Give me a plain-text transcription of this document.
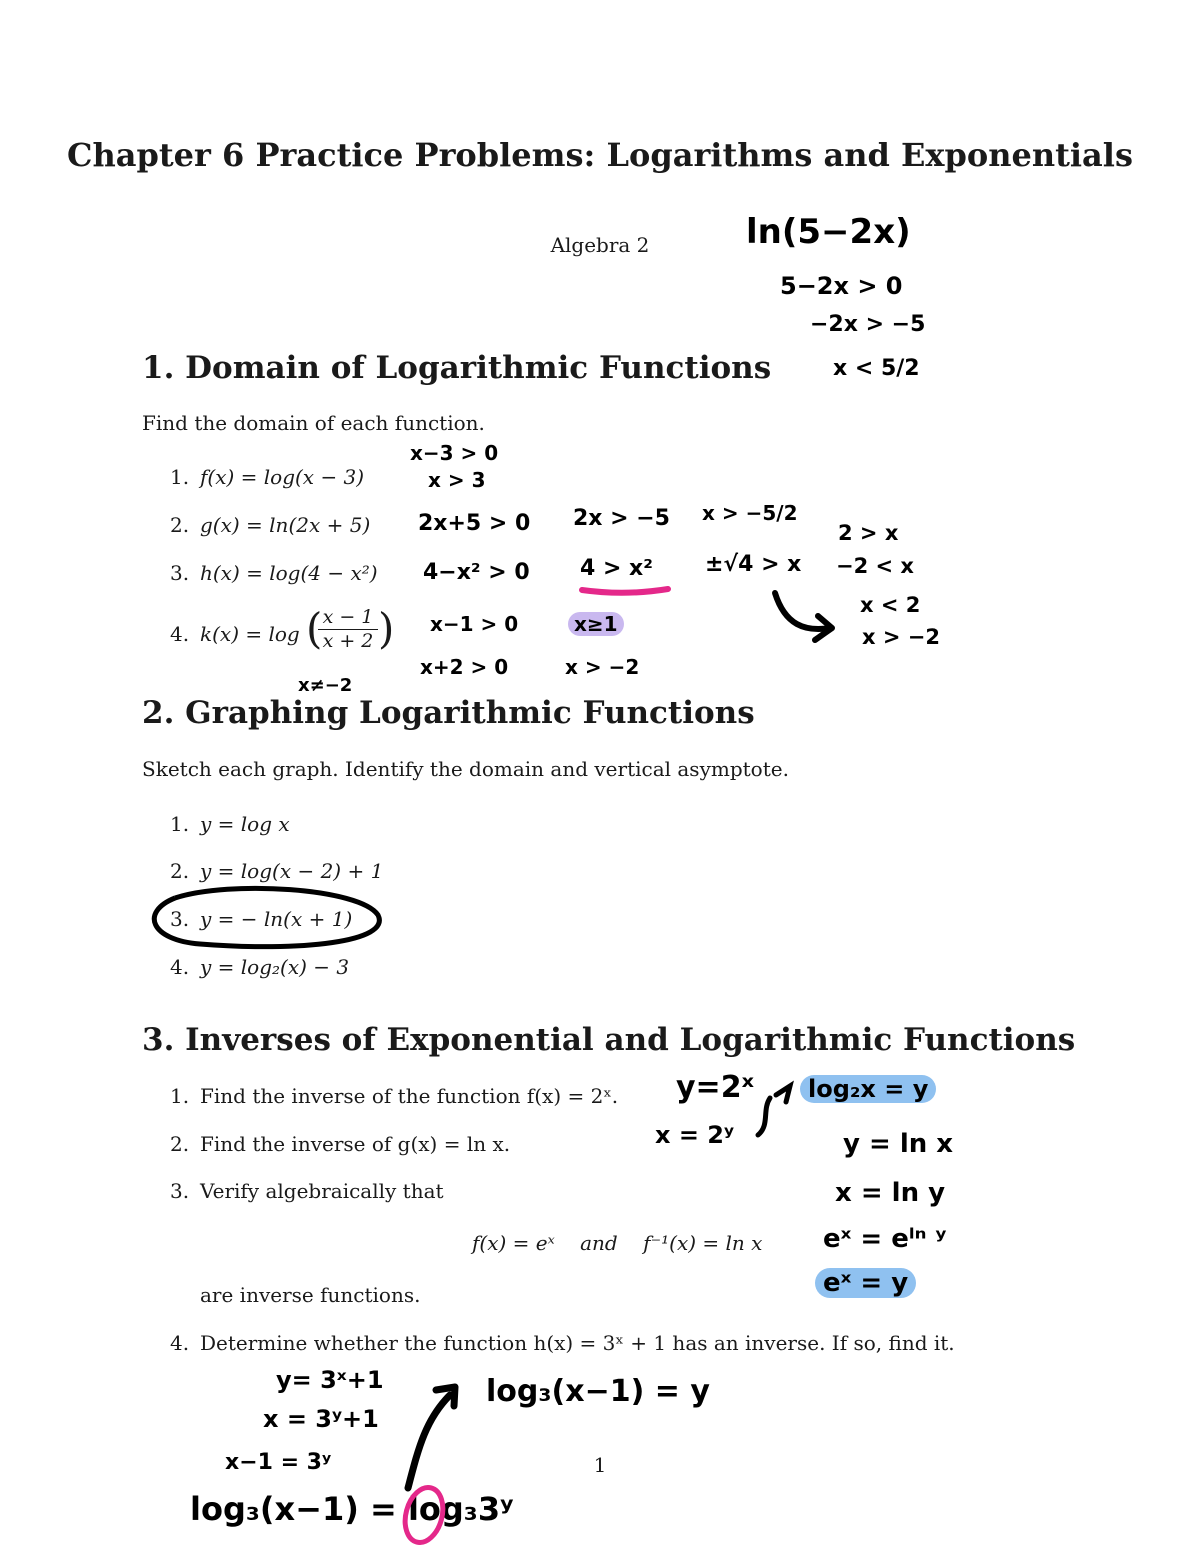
Chapter 6 Practice Problems: Logarithms and Exponentials
Algebra 2
1. Domain of Logarithmic Functions
Find the domain of each function.
1. f(x) = log(x − 3)
2. g(x) = ln(2x + 5)
3. h(x) = log(4 − x²)
4. $k(x) = \log \frac{x - 1}{x + 2}$
( )
2. Graphing Logarithmic Functions
Sketch each graph. Identify the domain and vertical asymptote.
1. y = log x
2. y = log(x − 2) + 1
3. y = − ln(x + 1)
4. y = log₂(x) − 3
3. Inverses of Exponential and Logarithmic Functions
1. Find the inverse of the function f(x) = 2ˣ.
2. Find the inverse of g(x) = ln x.
3. Verify algebraically that
f(x) = eˣ    and    f⁻¹(x) = ln x
are inverse functions.
4. Determine whether the function h(x) = 3ˣ + 1 has an inverse. If so, find it.
1
ln(5−2x)
5−2x > 0
−2x > −5
x < 5/2
x−3 > 0
x > 3
2x+5 > 0 2x > −5 x > −5/2
4−x² > 0 4 > x² ±√4 > x
2 > x
−2 < x
x < 2
x > −2
x−1 > 0	x≥1
x+2 > 0	x > −2
x≠−2
y=2ˣ
x = 2ʸ
log₂x = y
y = ln x
x = ln y
eˣ = eˡⁿ ʸ
eˣ = y
y= 3ˣ+1
x = 3ʸ+1
x−1 = 3ʸ
log₃(x−1) = log₃3ʸ
log₃(x−1) = y
